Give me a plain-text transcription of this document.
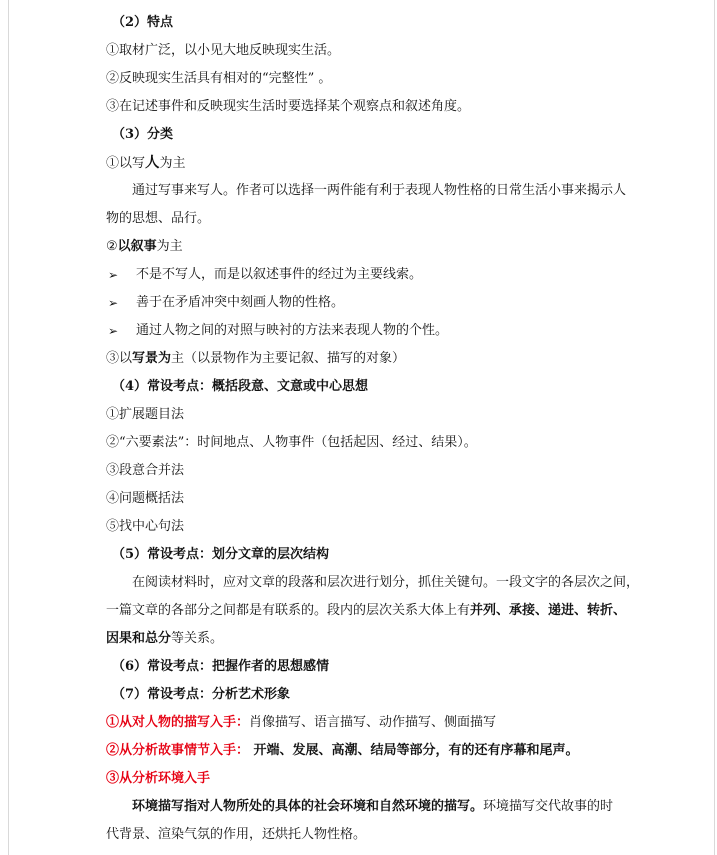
（2）特点
①取材广泛，以小见大地反映现实生活。
②反映现实生活具有相对的“完整性” 。
③在记述事件和反映现实生活时要选择某个观察点和叙述角度。
（3）分类
①以写人为主
通过写事来写人。作者可以选择一两件能有利于表现人物性格的日常生活小事来揭示人
物的思想、品行。
②以叙事为主
➢ 不是不写人，而是以叙述事件的经过为主要线索。
➢ 善于在矛盾冲突中刻画人物的性格。
➢ 通过人物之间的对照与映衬的方法来表现人物的个性。
③以写景为主（以景物作为主要记叙、描写的对象）
（4）常设考点：概括段意、文意或中心思想
①扩展题目法
②“六要素法”：时间地点、人物事件（包括起因、经过、结果）。
③段意合并法
④问题概括法
⑤找中心句法
（5）常设考点：划分文章的层次结构
在阅读材料时，应对文章的段落和层次进行划分，抓住关键句。一段文字的各层次之间，
一篇文章的各部分之间都是有联系的。段内的层次关系大体上有并列、承接、递进、转折、
因果和总分等关系。
（6）常设考点：把握作者的思想感情
（7）常设考点：分析艺术形象
①从对人物的描写入手：肖像描写、语言描写、动作描写、侧面描写
②从分析故事情节入手： 开端、发展、高潮、结局等部分，有的还有序幕和尾声。
③从分析环境入手
环境描写指对人物所处的具体的社会环境和自然环境的描写。环境描写交代故事的时
代背景、渲染气氛的作用，还烘托人物性格。
